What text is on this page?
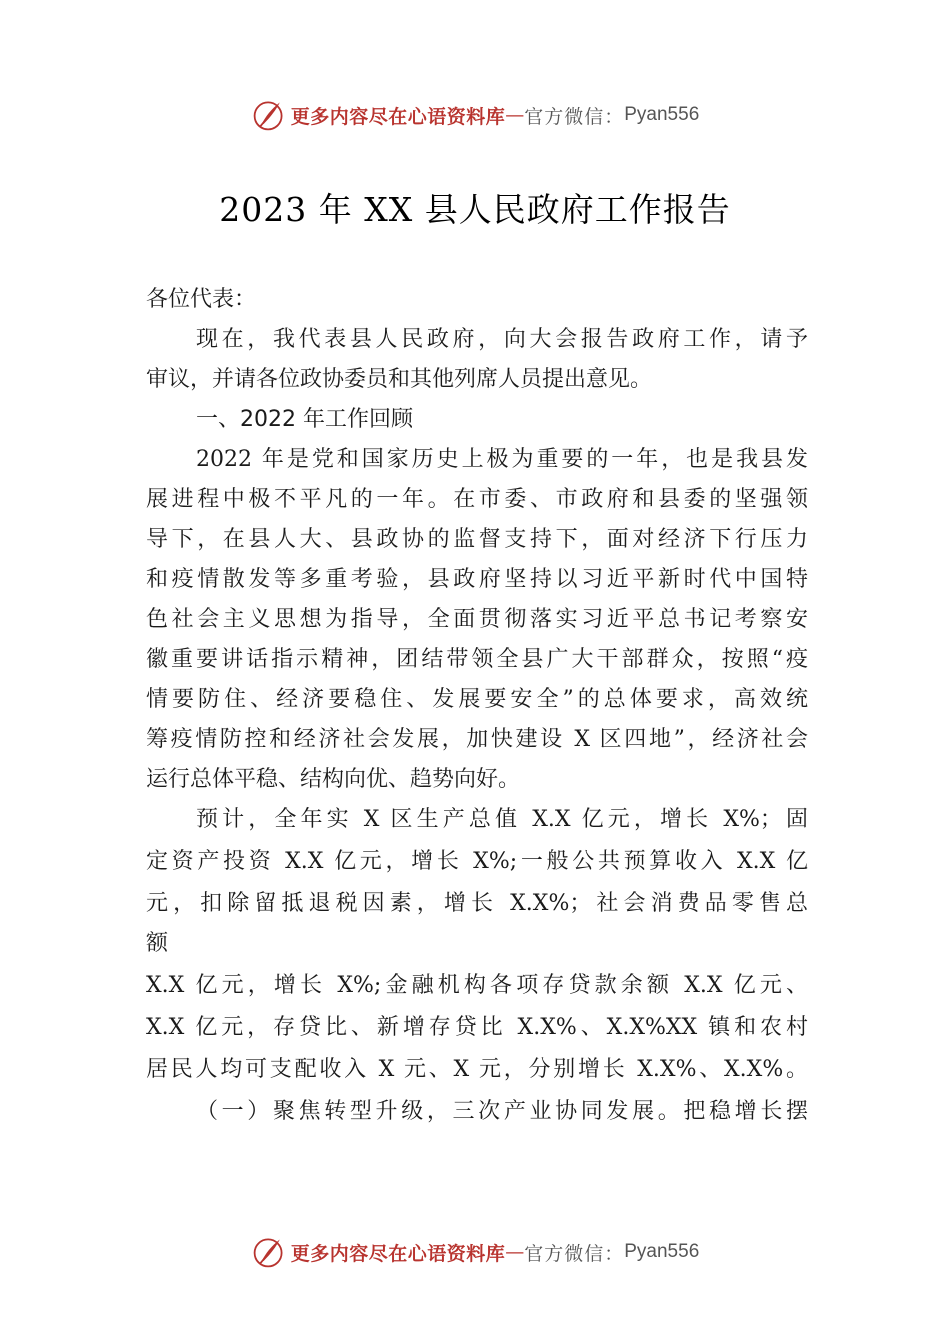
更多内容尽在心语资料库 — 官方微信： Pyan556
2023 年 XX 县人民政府工作报告
各位代表：
现在，我代表县人民政府，向大会报告政府工作，请予
审议，并请各位政协委员和其他列席人员提出意见。
一、2022 年工作回顾
2022 年是党和国家历史上极为重要的一年，也是我县发
展进程中极不平凡的一年。在市委、市政府和县委的坚强领
导下，在县人大、县政协的监督支持下，面对经济下行压力
和疫情散发等多重考验，县政府坚持以习近平新时代中国特
色社会主义思想为指导，全面贯彻落实习近平总书记考察安
徽重要讲话指示精神，团结带领全县广大干部群众，按照“疫
情要防住、经济要稳住、发展要安全”的总体要求，高效统
筹疫情防控和经济社会发展，加快建设 X 区四地”，经济社会
运行总体平稳、结构向优、趋势向好。
预计，全年实 X 区生产总值 X.X 亿元，增长 X%；固
定资产投资 X.X 亿元，增长 X%;一般公共预算收入 X.X 亿
元，扣除留抵退税因素，增长 X.X%；社会消费品零售总
额
X.X 亿元，增长 X%;金融机构各项存贷款余额 X.X 亿元、
X.X 亿元，存贷比、新增存贷比 X.X%、X.X%XX 镇和农村
居民人均可支配收入 X 元、X 元，分别增长 X.X%、X.X%。
（一）聚焦转型升级，三次产业协同发展。把稳增长摆
更多内容尽在心语资料库 — 官方微信： Pyan556
